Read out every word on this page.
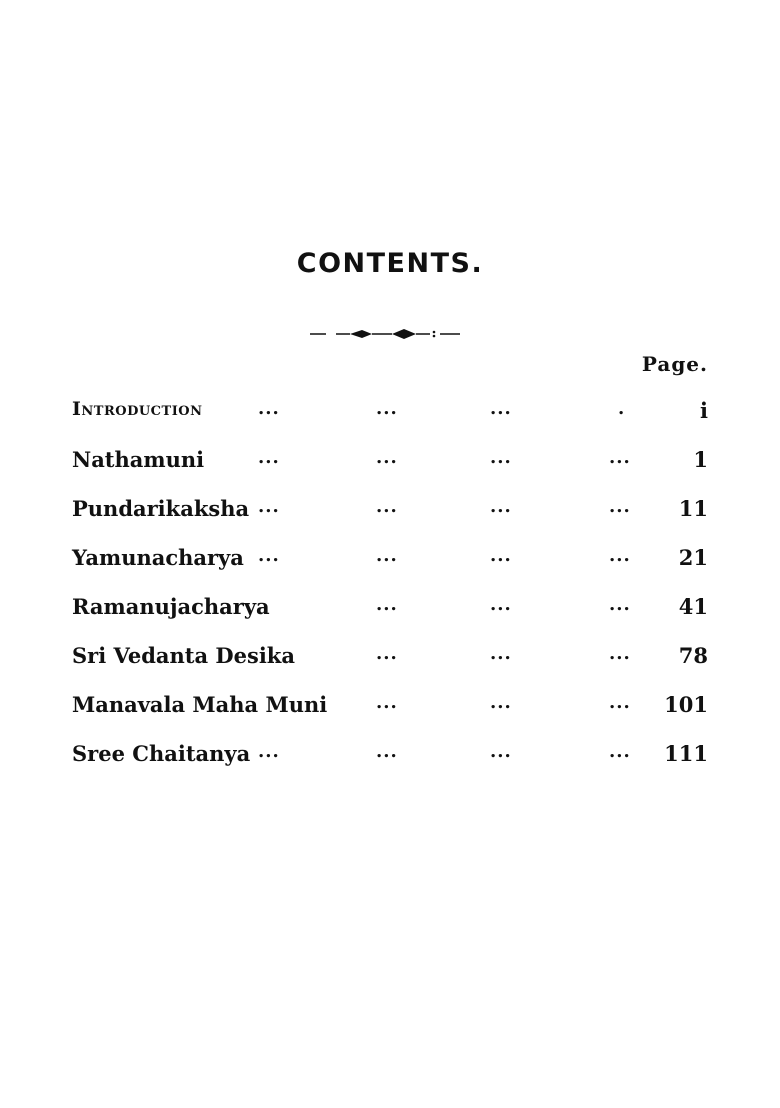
CONTENTS.
Page.
Introduction	...	...	...	.	i
Nathamuni	...	...	...	...	1
Pundarikaksha ...	...	...	... 11
Yamunacharya ...	...	...	... 21
Ramanujacharya	...	...	... 41
Sri Vedanta Desika	...	...	... 78
Manavala Maha Muni	...	...	... 101
Sree Chaitanya ...	...	...	... 111
